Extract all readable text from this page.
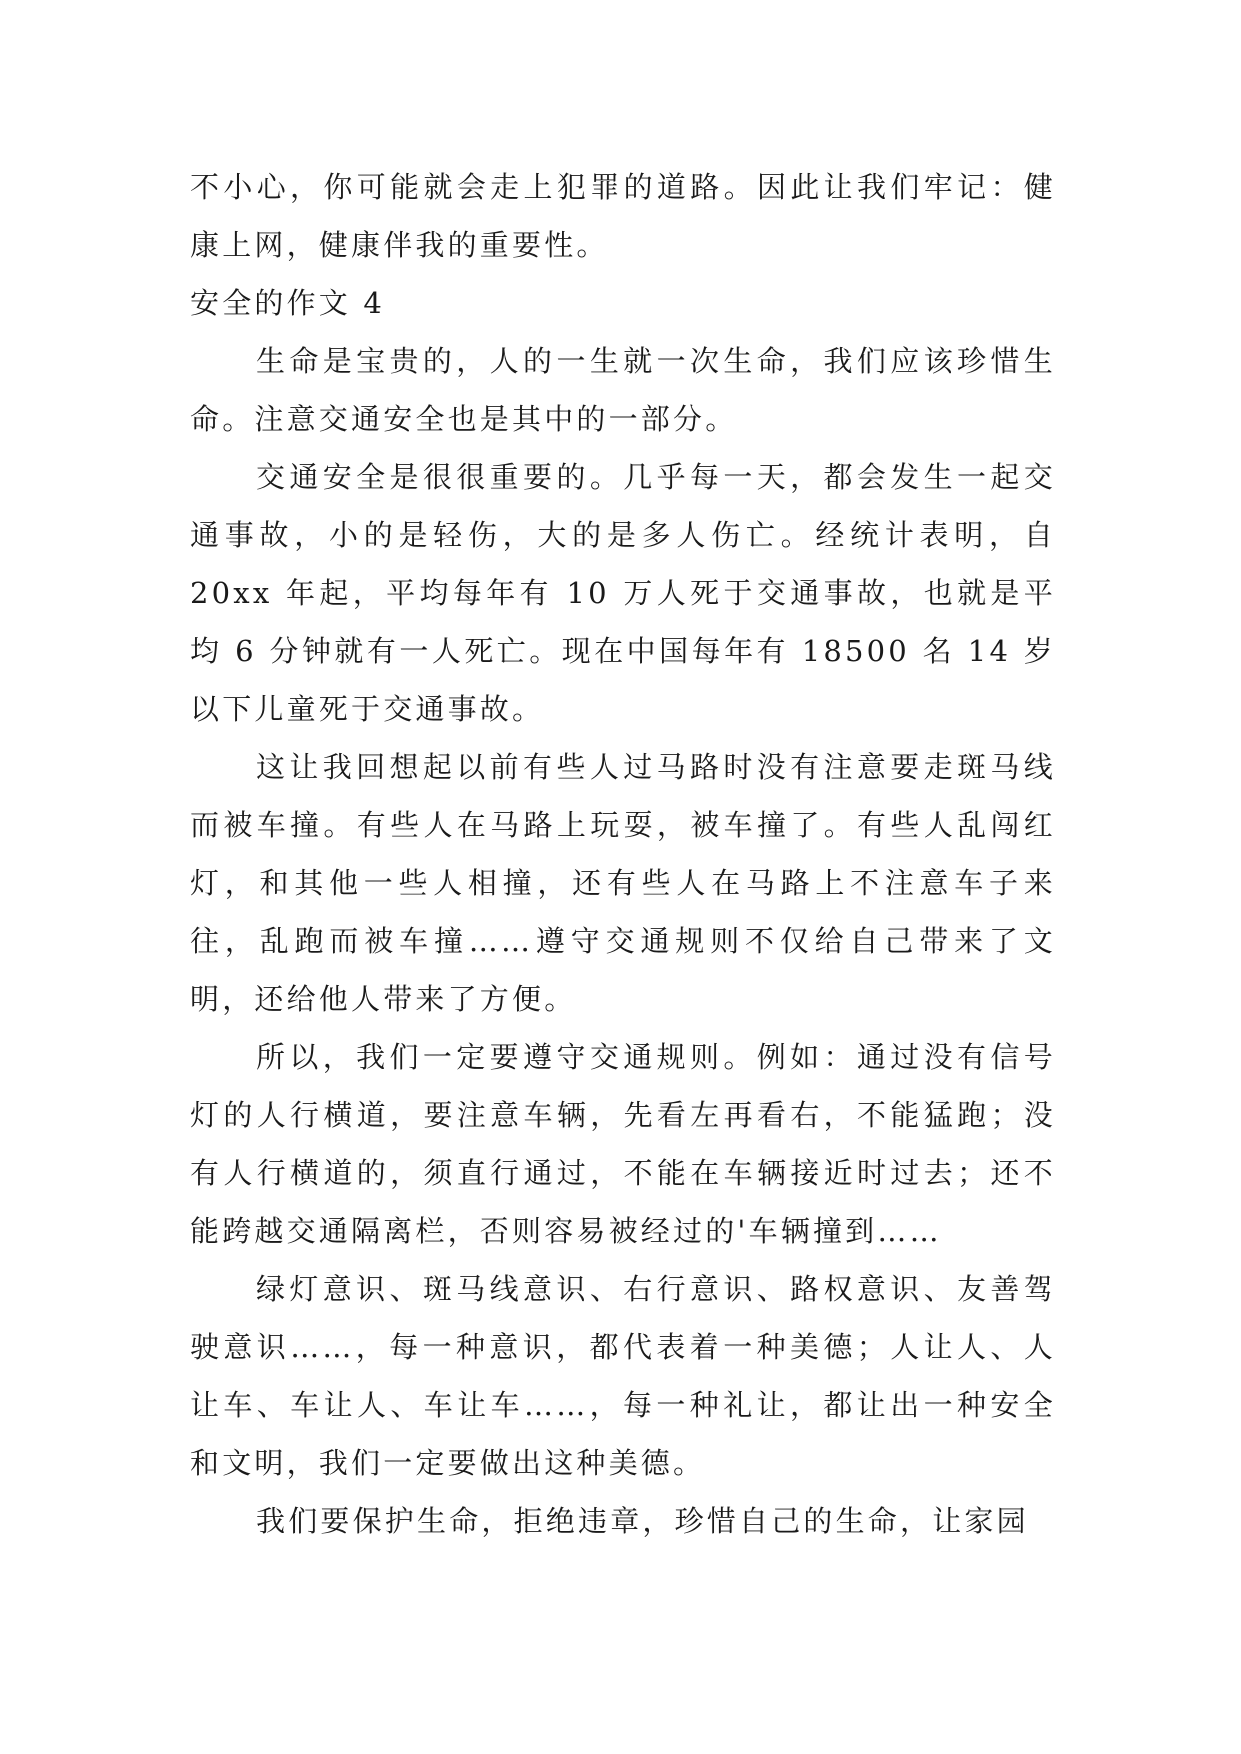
不小心，你可能就会走上犯罪的道路。因此让我们牢记：健康上网，健康伴我的重要性。

安全的作文 4

生命是宝贵的，人的一生就一次生命，我们应该珍惜生命。注意交通安全也是其中的一部分。

交通安全是很很重要的。几乎每一天，都会发生一起交通事故，小的是轻伤，大的是多人伤亡。经统计表明，自 20xx 年起，平均每年有 10 万人死于交通事故，也就是平均 6 分钟就有一人死亡。现在中国每年有 18500 名 14 岁以下儿童死于交通事故。

这让我回想起以前有些人过马路时没有注意要走斑马线而被车撞。有些人在马路上玩耍，被车撞了。有些人乱闯红灯，和其他一些人相撞，还有些人在马路上不注意车子来往，乱跑而被车撞……遵守交通规则不仅给自己带来了文明，还给他人带来了方便。

所以，我们一定要遵守交通规则。例如：通过没有信号灯的人行横道，要注意车辆，先看左再看右，不能猛跑；没有人行横道的，须直行通过，不能在车辆接近时过去；还不能跨越交通隔离栏，否则容易被经过的'车辆撞到……

绿灯意识、斑马线意识、右行意识、路权意识、友善驾驶意识……，每一种意识，都代表着一种美德；人让人、人让车、车让人、车让车……，每一种礼让，都让出一种安全和文明，我们一定要做出这种美德。

我们要保护生命，拒绝违章，珍惜自己的生命，让家园
